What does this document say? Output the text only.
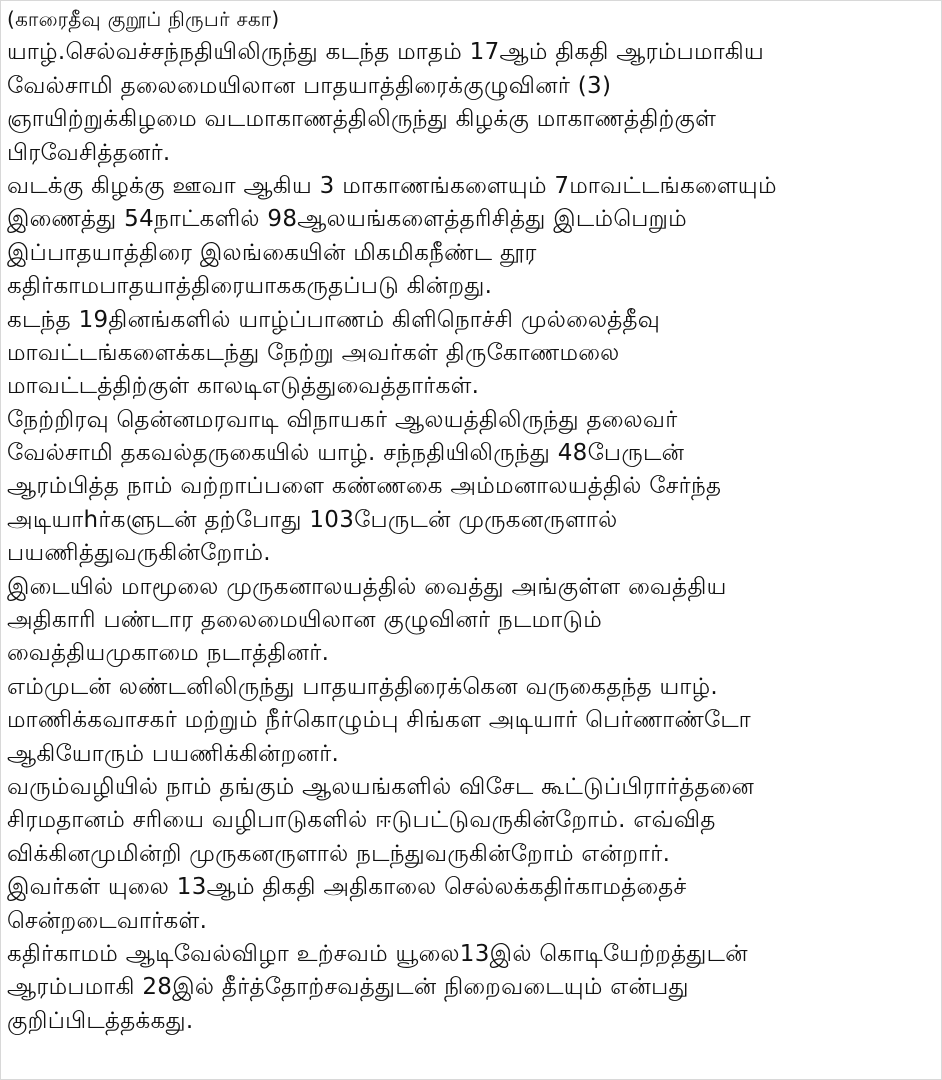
(காரைதீவு குறூப் நிருபர் சகா)
யாழ்.செல்வச்சந்நதியிலிருந்து கடந்த மாதம் 17ஆம் திகதி ஆரம்பமாகிய
வேல்சாமி தலைமையிலான பாதயாத்திரைக்குழுவினர் (3)
ஞாயிற்றுக்கிழமை வடமாகாணத்திலிருந்து கிழக்கு மாகாணத்திற்குள்
பிரவேசித்தனர்.
வடக்கு கிழக்கு ஊவா ஆகிய 3 மாகாணங்களையும் 7மாவட்டங்களையும்
இணைத்து 54நாட்களில் 98ஆலயங்களைத்தரிசித்து இடம்பெறும்
இப்பாதயாத்திரை இலங்கையின் மிகமிகநீண்ட தூர
கதிர்காமபாதயாத்திரையாககருதப்படு கின்றது.
கடந்த 19தினங்களில் யாழ்ப்பாணம் கிளிநொச்சி முல்லைத்தீவு
மாவட்டங்களைக்கடந்து நேற்று அவர்கள் திருகோணமலை
மாவட்டத்திற்குள் காலடிஎடுத்துவைத்தார்கள்.
நேற்றிரவு தென்னமரவாடி விநாயகர் ஆலயத்திலிருந்து தலைவர்
வேல்சாமி தகவல்தருகையில் யாழ். சந்நதியிலிருந்து 48பேருடன்
ஆரம்பித்த நாம் வற்றாப்பளை கண்ணகை அம்மனாலயத்தில் சேர்ந்த
அடியாhர்களுடன் தற்போது 103பேருடன் முருகனருளால்
பயணித்துவருகின்றோம்.
இடையில் மாமூலை முருகனாலயத்தில் வைத்து அங்குள்ள வைத்திய
அதிகாரி பண்டார தலைமையிலான குழுவினர் நடமாடும்
வைத்தியமுகாமை நடாத்தினர்.
எம்முடன் லண்டனிலிருந்து பாதயாத்திரைக்கென வருகைதந்த யாழ்.
மாணிக்கவாசகர் மற்றும் நீர்கொழும்பு சிங்கள அடியார் பெர்ணாண்டோ
ஆகியோரும் பயணிக்கின்றனர்.
வரும்வழியில் நாம் தங்கும் ஆலயங்களில் விசேட கூட்டுப்பிரார்த்தனை
சிரமதானம் சரியை வழிபாடுகளில் ஈடுபட்டுவருகின்றோம். எவ்வித
விக்கினமுமின்றி முருகனருளால் நடந்துவருகின்றோம் என்றார்.
இவர்கள் யுலை 13ஆம் திகதி அதிகாலை செல்லக்கதிர்காமத்தைச்
சென்றடைவார்கள்.
கதிர்காமம் ஆடிவேல்விழா உற்சவம் யூலை13இல் கொடியேற்றத்துடன்
ஆரம்பமாகி 28இல் தீர்த்தோற்சவத்துடன் நிறைவடையும் என்பது
குறிப்பிடத்தக்கது.
